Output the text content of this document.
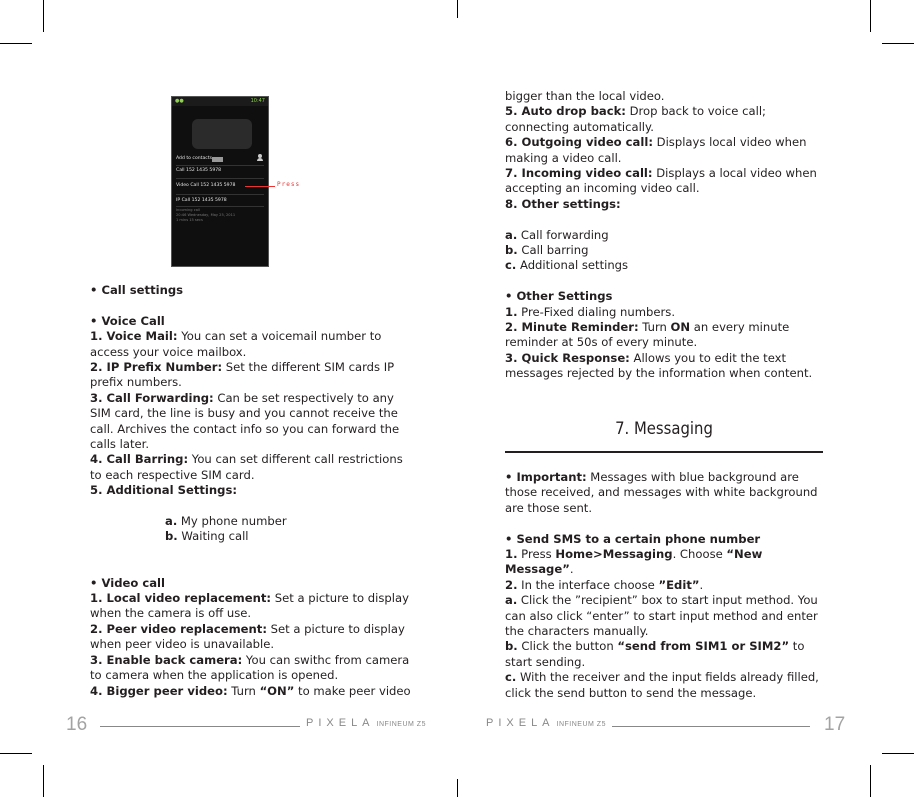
●●	10:47
Add to contacts
Call 152 1435 5978
Video Call 152 1435 5978
IP Call 152 1435 5978
Incoming call
20:46 Wednesday, May 25, 2011
1 mins 15 secs
Press

• Call settings

• Voice Call

1. Voice Mail: You can set a voicemail number to access your voice mailbox.

2. IP Prefix Number: Set the different SIM cards IP prefix numbers.

3. Call Forwarding: Can be set respectively to any SIM card, the line is busy and you cannot receive the call. Archives the contact info so you can forward the calls later.

4. Call Barring: You can set different call restrictions to each respective SIM card.

5. Additional Settings:

a. My phone number

b. Waiting call

• Video call

1. Local video replacement: Set a picture to display when the camera is off use.

2. Peer video replacement: Set a picture to display when peer video is unavailable.

3. Enable back camera: You can swithc from camera to camera when the application is opened.

4. Bigger peer video: Turn “ON” to make peer video

bigger than the local video.

5. Auto drop back: Drop back to voice call; connecting automatically.

6. Outgoing video call: Displays local video when making a video call.

7. Incoming video call: Displays a local video when accepting an incoming video call.

8. Other settings:

a. Call forwarding

b. Call barring

c. Additional settings

• Other Settings

1. Pre-Fixed dialing numbers.

2. Minute Reminder: Turn ON an every minute reminder at 50s of every minute.

3. Quick Response: Allows you to edit the text messages rejected by the information when content.

7. Messaging

• Important: Messages with blue background are those received, and messages with white background are those sent.

• Send SMS to a certain phone number

1. Press Home>Messaging. Choose “New Message”.

2. In the interface choose ”Edit”.

a. Click the ”recipient” box to start input method. You can also click “enter” to start input method and enter the characters manually.

b. Click the button “send from SIM1 or SIM2” to start sending.

c. With the receiver and the input fields already filled, click the send button to send the message.

16	PIXELA INFINEUM Z5	PIXELA INFINEUM Z5	17
